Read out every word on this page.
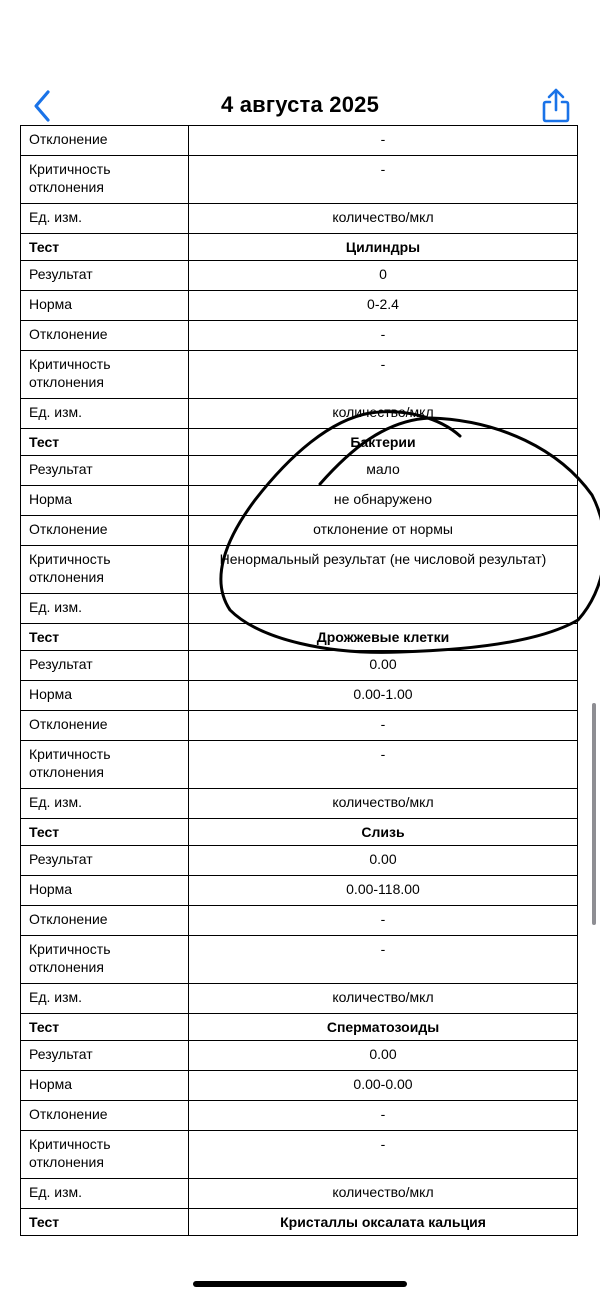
4 августа 2025
Отклонение	-
Критичность отклонения	-
Ед. изм.	количество/мкл
Тест	Цилиндры
Результат	0
Норма	0-2.4
Отклонение	-
Критичность отклонения	-
Ед. изм.	количество/мкл
Тест	Бактерии
Результат	мало
Норма	не обнаружено
Отклонение	отклонение от нормы
Критичность отклонения	Ненормальный результат (не числовой результат)
Ед. изм.	
Тест	Дрожжевые клетки
Результат	0.00
Норма	0.00-1.00
Отклонение	-
Критичность отклонения	-
Ед. изм.	количество/мкл
Тест	Слизь
Результат	0.00
Норма	0.00-118.00
Отклонение	-
Критичность отклонения	-
Ед. изм.	количество/мкл
Тест	Сперматозоиды
Результат	0.00
Норма	0.00-0.00
Отклонение	-
Критичность отклонения	-
Ед. изм.	количество/мкл
Тест	Кристаллы оксалата кальция
